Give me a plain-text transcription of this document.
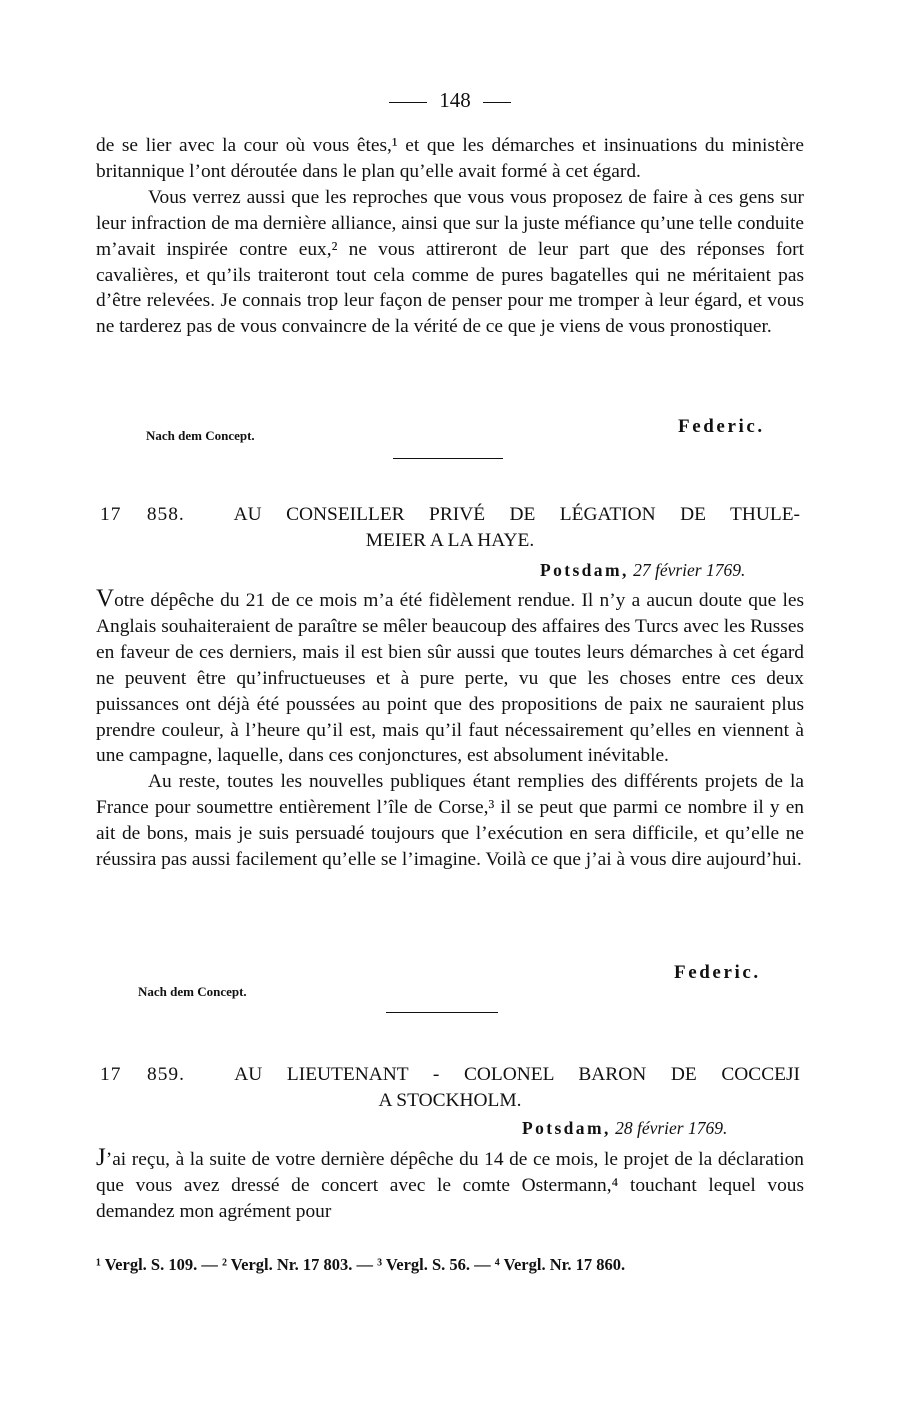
148

de se lier avec la cour où vous êtes,¹ et que les démarches et insinuations du ministère britannique l’ont déroutée dans le plan qu’elle avait formé à cet égard.

Vous verrez aussi que les reproches que vous vous proposez de faire à ces gens sur leur infraction de ma dernière alliance, ainsi que sur la juste méfiance qu’une telle conduite m’avait inspirée contre eux,² ne vous attireront de leur part que des réponses fort cavalières, et qu’ils traiteront tout cela comme de pures bagatelles qui ne méritaient pas d’être relevées. Je connais trop leur façon de penser pour me tromper à leur égard, et vous ne tarderez pas de vous convaincre de la vérité de ce que je viens de vous pronostiquer.

Nach dem Concept.	Federic.
17 858.	AU CONSEILLER PRIVÉ DE LÉGATION DE THULE-
MEIER A LA HAYE.
Potsdam, 27 février 1769.

Votre dépêche du 21 de ce mois m’a été fidèlement rendue. Il n’y a aucun doute que les Anglais souhaiteraient de paraître se mêler beaucoup des affaires des Turcs avec les Russes en faveur de ces derniers, mais il est bien sûr aussi que toutes leurs démarches à cet égard ne peuvent être qu’infructueuses et à pure perte, vu que les choses entre ces deux puissances ont déjà été poussées au point que des propositions de paix ne sauraient plus prendre couleur, à l’heure qu’il est, mais qu’il faut nécessairement qu’elles en viennent à une campagne, laquelle, dans ces conjonctures, est absolument inévitable.

Au reste, toutes les nouvelles publiques étant remplies des différents projets de la France pour soumettre entièrement l’île de Corse,³ il se peut que parmi ce nombre il y en ait de bons, mais je suis persuadé toujours que l’exécution en sera difficile, et qu’elle ne réussira pas aussi facilement qu’elle se l’imagine. Voilà ce que j’ai à vous dire aujourd’hui.

Federic.
Nach dem Concept.
17 859.	AU LIEUTENANT - COLONEL BARON DE COCCEJI
A STOCKHOLM.
Potsdam, 28 février 1769.

J’ai reçu, à la suite de votre dernière dépêche du 14 de ce mois, le projet de la déclaration que vous avez dressé de concert avec le comte Ostermann,⁴ touchant lequel vous demandez mon agrément pour

¹ Vergl. S. 109. — ² Vergl. Nr. 17 803. — ³ Vergl. S. 56. — ⁴ Vergl. Nr. 17 860.
